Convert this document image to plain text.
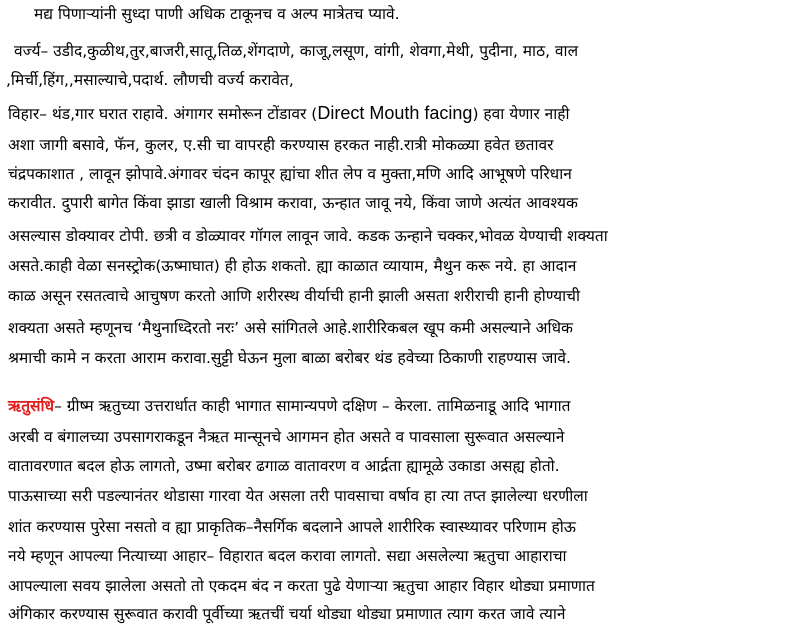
मद्य पिणाऱ्यांनी सुध्दा पाणी अधिक टाकूनच व अल्प मात्रेतच प्यावे.
वर्ज्य– उडीद,कुळीथ,तुर,बाजरी,सातू,तिळ,शेंगदाणे, काजू,लसूण, वांगी, शेवगा,मेथी, पुदीना, माठ, वाल
,मिर्ची,हिंग,,मसाल्याचे,पदार्थ. लौणची वर्ज्य करावेत,
विहार– थंड,गार घरात राहावे. अंगागर समोरून टोंडावर (Direct Mouth facing) हवा येणार नाही
अशा जागी बसावे, फॅन, कुलर, ए.सी चा वापरही करण्यास हरकत नाही.रात्री मोकळ्या हवेत छतावर
चंद्रपकाशात , लावून झोपावे.अंगावर चंदन कापूर ह्यांचा शीत लेप व मुक्ता,मणि आदि आभूषणे परिधान
करावीत. दुपारी बागेत किंवा झाडा खाली विश्राम करावा, ऊन्हात जावू नये, किंवा जाणे अत्यंत आवश्यक
असल्यास डोक्यावर टोपी. छत्री व डोळ्यावर गॉगल लावून जावे. कडक ऊन्हाने चक्कर,भोवळ येण्याची शक्यता
असते.काही वेळा सनस्ट्रोक(ऊष्माघात) ही होऊ शकतो. ह्या काळात व्यायाम, मैथुन करू नये. हा आदान
काळ असून रसतत्वाचे आचुषण करतो आणि शरीरस्थ वीर्याची हानी झाली असता शरीराची हानी होण्याची
शक्यता असते म्हणूनच ‘मैथुनाध्दिरतो नरः’ असे सांगितले आहे.शारीरिकबल खूप कमी असल्याने अधिक
श्रमाची कामे न करता आराम करावा.सुट्टी घेऊन मुला बाळा बरोबर थंड हवेच्या ठिकाणी राहण्यास जावे.
ऋतुसंधि– ग्रीष्म ऋतुच्या उत्तरार्धात काही भागात सामान्यपणे दक्षिण – केरला. तामिळनाडू आदि भागात
अरबी व बंगालच्या उपसागराकडून नैऋत मान्सूनचे आगमन होत असते व पावसाला सुरूवात असल्याने
वातावरणात बदल होऊ लागतो, उष्मा बरोबर ढगाळ वातावरण व आर्द्रता ह्यामूळे उकाडा असह्य होतो.
पाऊसाच्या सरी पडल्यानंतर थोडासा गारवा येत असला तरी पावसाचा वर्षाव हा त्या तप्त झालेल्या धरणीला
शांत करण्यास पुरेसा नसतो व ह्या प्राकृतिक–नैसर्गिक बदलाने आपले शारीरिक स्वास्थ्यावर परिणाम होऊ
नये म्हणून आपल्या नित्याच्या आहार– विहारात बदल करावा लागतो. सद्या असलेल्या ऋतुचा आहाराचा
आपल्याला सवय झालेला असतो तो एकदम बंद न करता पुढे येणाऱ्या ऋतुचा आहार विहार थोड्या प्रमाणात
अंगिकार करण्यास सुरूवात करावी पूर्वीच्या ऋतचीं चर्या थोड्या थोड्या प्रमाणात त्याग करत जावे त्याने
